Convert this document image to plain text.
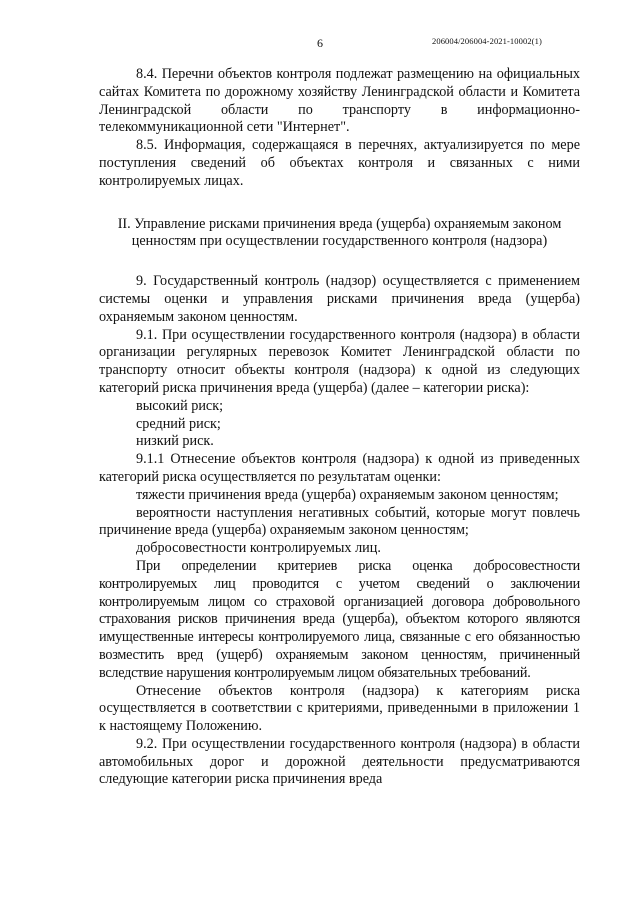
6	206004/206004-2021-10002(1)

8.4. Перечни объектов контроля подлежат размещению на официальных сайтах Комитета по дорожному хозяйству Ленинградской области и Комитета Ленинградской области по транспорту в информационно-телекоммуникационной сети "Интернет".

8.5. Информация, содержащаяся в перечнях, актуализируется по мере поступления сведений об объектах контроля и связанных с ними контролируемых лицах.

II. Управление рисками причинения вреда (ущерба) охраняемым законом ценностям при осуществлении государственного контроля (надзора)

9. Государственный контроль (надзор) осуществляется с применением системы оценки и управления рисками причинения вреда (ущерба) охраняемым законом ценностям.

9.1. При осуществлении государственного контроля (надзора) в области организации регулярных перевозок Комитет Ленинградской области по транспорту относит объекты контроля (надзора) к одной из следующих категорий риска причинения вреда (ущерба) (далее – категории риска):

высокий риск;

средний риск;

низкий риск.

9.1.1 Отнесение объектов контроля (надзора) к одной из приведенных категорий риска осуществляется по результатам оценки:

тяжести причинения вреда (ущерба) охраняемым законом ценностям;

вероятности наступления негативных событий, которые могут повлечь причинение вреда (ущерба) охраняемым законом ценностям;

добросовестности контролируемых лиц.

При определении критериев риска оценка добросовестности контролируемых лиц проводится с учетом сведений о заключении контролируемым лицом со страховой организацией договора добровольного страхования рисков причинения вреда (ущерба), объектом которого являются имущественные интересы контролируемого лица, связанные с его обязанностью возместить вред (ущерб) охраняемым законом ценностям, причиненный вследствие нарушения контролируемым лицом обязательных требований.

Отнесение объектов контроля (надзора) к категориям риска осуществляется в соответствии с критериями, приведенными в приложении 1 к настоящему Положению.

9.2. При осуществлении государственного контроля (надзора) в области автомобильных дорог и дорожной деятельности предусматриваются следующие категории риска причинения вреда
